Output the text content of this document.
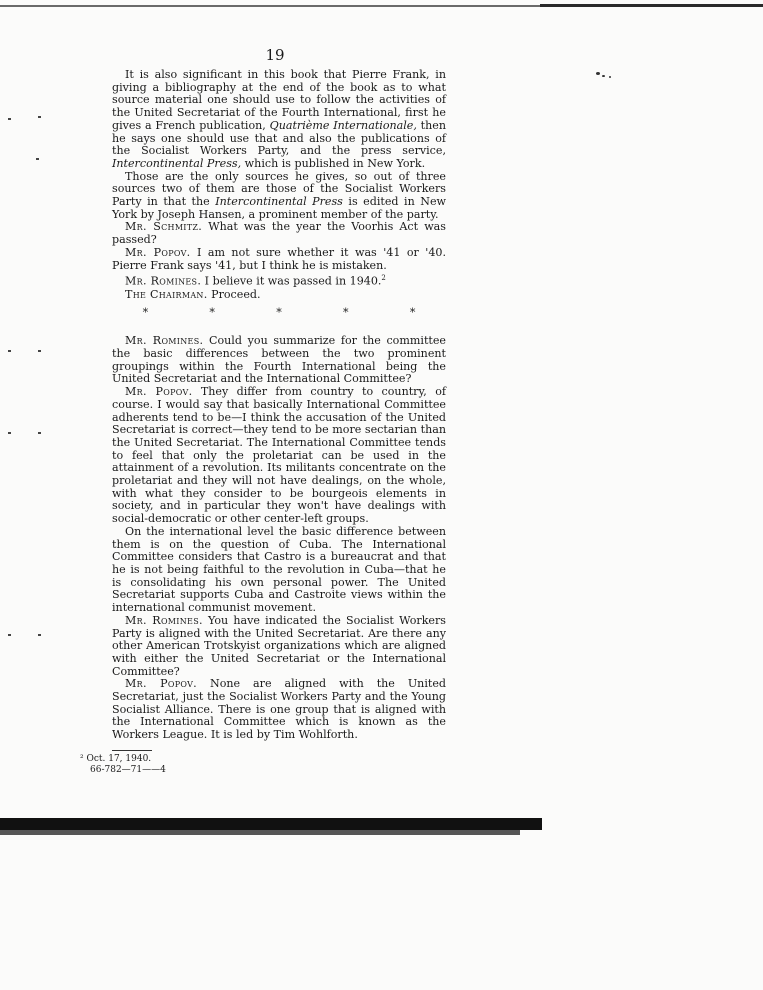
19

It is also significant in this book that Pierre Frank, in giving a bibliography at the end of the book as to what source material one should use to follow the activities of the United Secretariat of the Fourth International, first he gives a French publication, Quatrième Internationale, then he says one should use that and also the publications of the Socialist Workers Party, and the press service, Intercontinental Press, which is published in New York.

Those are the only sources he gives, so out of three sources two of them are those of the Socialist Workers Party in that the Intercontinental Press is edited in New York by Joseph Hansen, a prominent member of the party.

Mr. Schmitz. What was the year the Voorhis Act was passed?

Mr. Popov. I am not sure whether it was '41 or '40. Pierre Frank says '41, but I think he is mistaken.

Mr. Romines. I believe it was passed in 1940.$^2$

The Chairman. Proceed.

*	*	*	*	*

Mr. Romines. Could you summarize for the committee the basic differences between the two prominent groupings within the Fourth International being the United Secretariat and the International Committee?

Mr. Popov. They differ from country to country, of course. I would say that basically International Committee adherents tend to be—I think the accusation of the United Secretariat is correct—they tend to be more sectarian than the United Secretariat. The International Committee tends to feel that only the proletariat can be used in the attainment of a revolution. Its militants concentrate on the proletariat and they will not have dealings, on the whole, with what they consider to be bourgeois elements in society, and in particular they won't have dealings with social-democratic or other center-left groups.

On the international level the basic difference between them is on the question of Cuba. The International Committee considers that Castro is a bureaucrat and that he is not being faithful to the revolution in Cuba—that he is consolidating his own personal power. The United Secretariat supports Cuba and Castroite views within the international communist movement.

Mr. Romines. You have indicated the Socialist Workers Party is aligned with the United Secretariat. Are there any other American Trotskyist organizations which are aligned with either the United Secretariat or the International Committee?

Mr. Popov. None are aligned with the United Secretariat, just the Socialist Workers Party and the Young Socialist Alliance. There is one group that is aligned with the International Committee which is known as the Workers League. It is led by Tim Wohlforth.

² Oct. 17, 1940.
66-782—71——4
